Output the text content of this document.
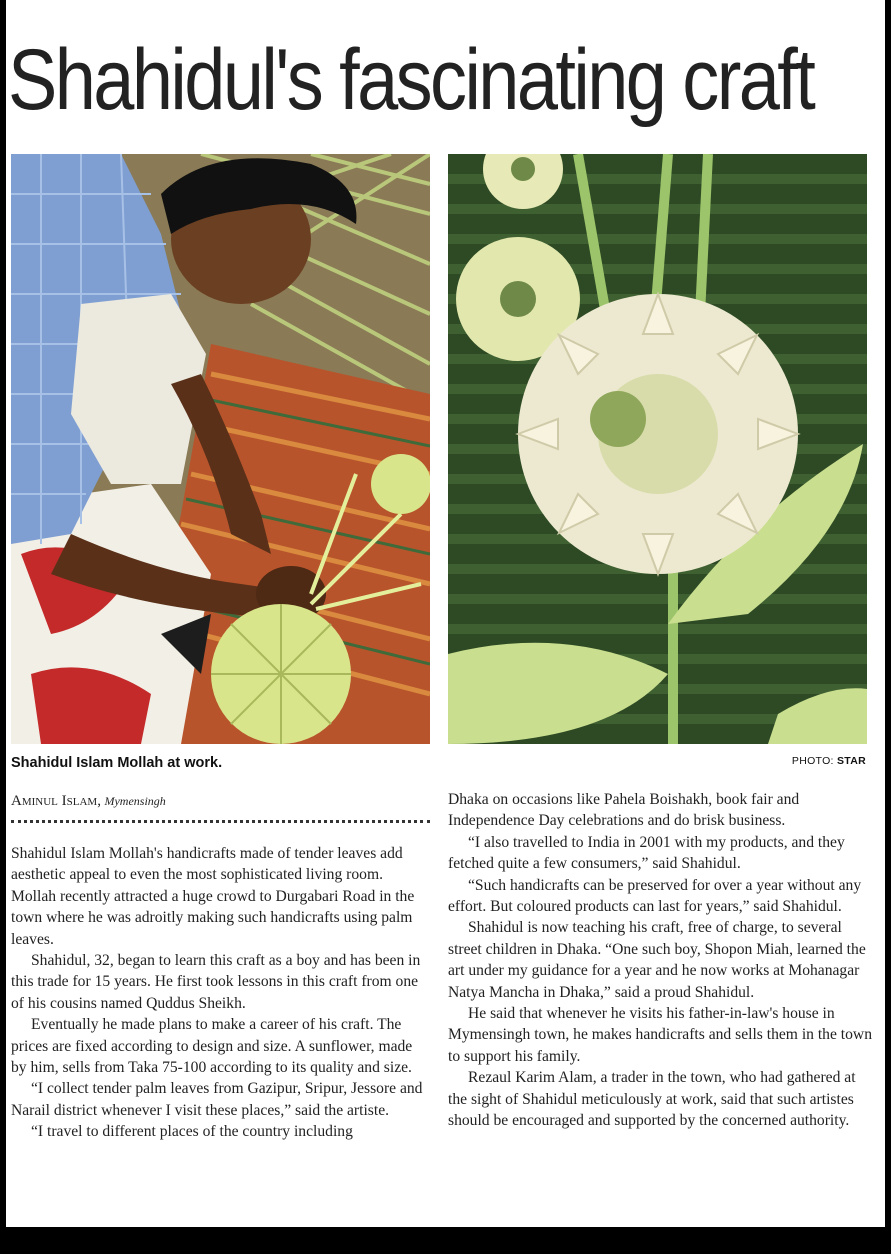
Shahidul's fascinating craft
Shahidul Islam Mollah at work.	PHOTO: STAR
Aminul Islam, Mymensingh

Shahidul Islam Mollah's handicrafts made of tender leaves add aesthetic appeal to even the most sophisticated living room. Mollah recently attracted a huge crowd to Durgabari Road in the town where he was adroitly making such handicrafts using palm leaves.

Shahidul, 32, began to learn this craft as a boy and has been in this trade for 15 years. He first took lessons in this craft from one of his cousins named Quddus Sheikh.

Eventually he made plans to make a career of his craft. The prices are fixed according to design and size. A sunflower, made by him, sells from Taka 75-100 according to its quality and size.

“I collect tender palm leaves from Gazipur, Sripur, Jessore and Narail district whenever I visit these places,” said the artiste.

“I travel to different places of the country including

Dhaka on occasions like Pahela Boishakh, book fair and Independence Day celebrations and do brisk business.

“I also travelled to India in 2001 with my products, and they fetched quite a few consumers,” said Shahidul.

“Such handicrafts can be preserved for over a year without any effort. But coloured products can last for years,” said Shahidul.

Shahidul is now teaching his craft, free of charge, to several street children in Dhaka. “One such boy, Shopon Miah, learned the art under my guidance for a year and he now works at Mohanagar Natya Mancha in Dhaka,” said a proud Shahidul.

He said that whenever he visits his father-in-law's house in Mymensingh town, he makes handicrafts and sells them in the town to support his family.

Rezaul Karim Alam, a trader in the town, who had gathered at the sight of Shahidul meticulously at work, said that such artistes should be encouraged and supported by the concerned authority.
